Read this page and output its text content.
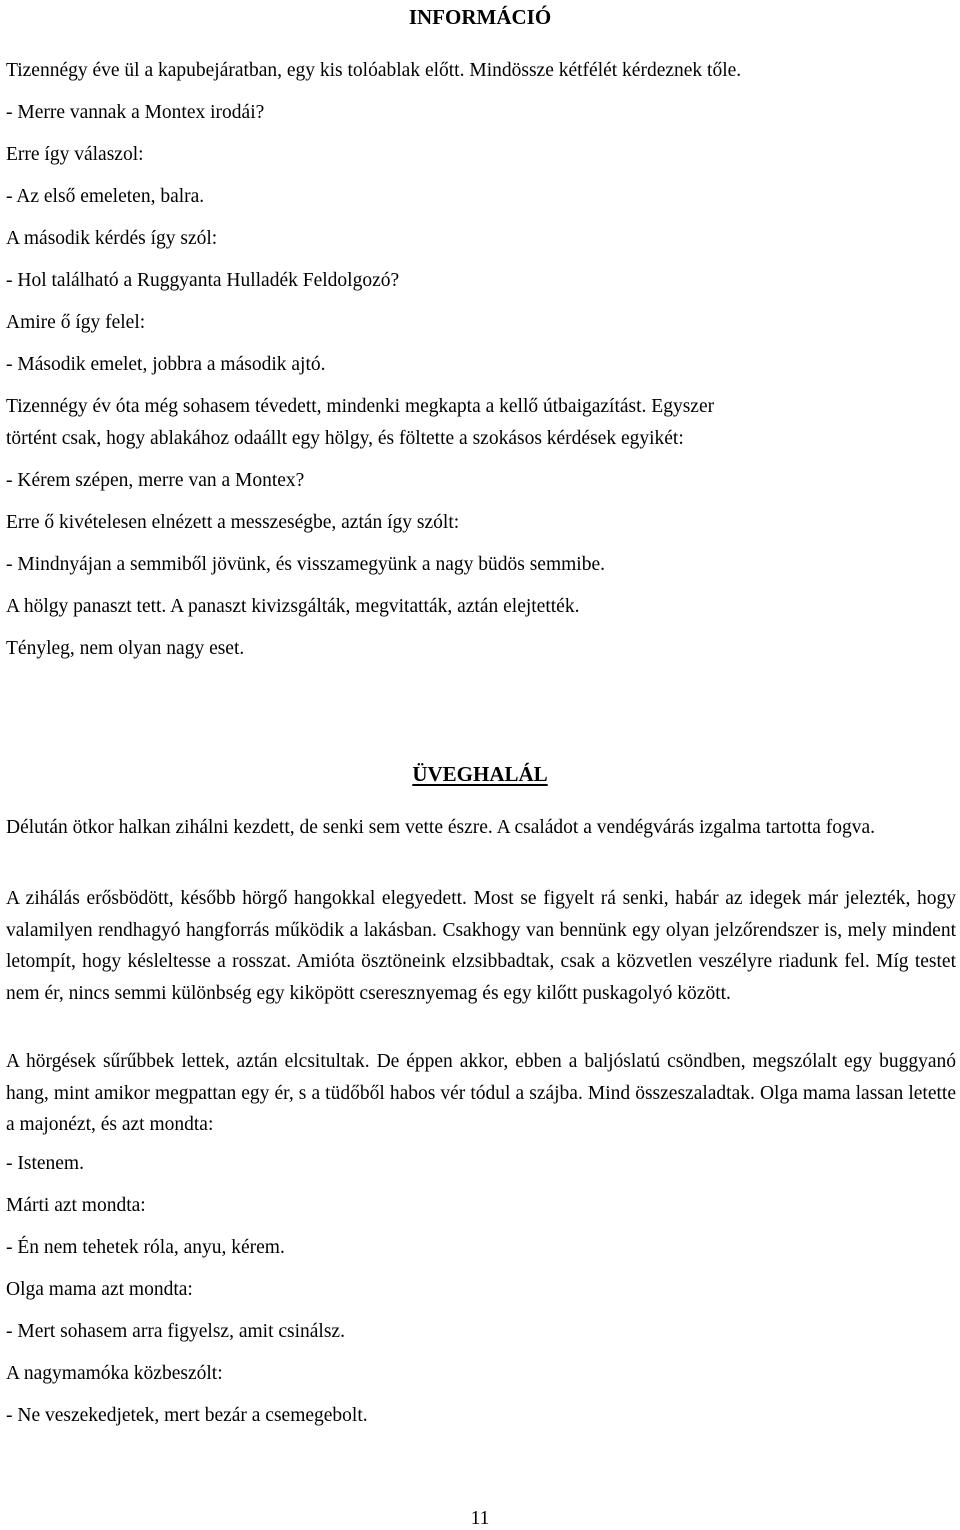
INFORMÁCIÓ

Tizennégy éve ül a kapubejáratban, egy kis tolóablak előtt. Mindössze kétfélét kérdeznek tőle.

- Merre vannak a Montex irodái?

Erre így válaszol:

- Az első emeleten, balra.

A második kérdés így szól:

- Hol található a Ruggyanta Hulladék Feldolgozó?

Amire ő így felel:

- Második emelet, jobbra a második ajtó.

Tizennégy év óta még sohasem tévedett, mindenki megkapta a kellő útbaigazítást. Egyszer

történt csak, hogy ablakához odaállt egy hölgy, és föltette a szokásos kérdések egyikét:

- Kérem szépen, merre van a Montex?

Erre ő kivételesen elnézett a messzeségbe, aztán így szólt:

- Mindnyájan a semmiből jövünk, és visszamegyünk a nagy büdös semmibe.

A hölgy panaszt tett. A panaszt kivizsgálták, megvitatták, aztán elejtették.

Tényleg, nem olyan nagy eset.

ÜVEGHALÁL

Délután ötkor halkan zihálni kezdett, de senki sem vette észre. A családot a vendégvárás izgalma tartotta fogva.

A zihálás erősbödött, később hörgő hangokkal elegyedett. Most se figyelt rá senki, habár az idegek már jelezték, hogy valamilyen rendhagyó hangforrás működik a lakásban. Csakhogy van bennünk egy olyan jelzőrendszer is, mely mindent letompít, hogy késleltesse a rosszat. Amióta ösztöneink elzsibbadtak, csak a közvetlen veszélyre riadunk fel. Míg testet nem ér, nincs semmi különbség egy kiköpött cseresznyemag és egy kilőtt puskagolyó között.

A hörgések sűrűbbek lettek, aztán elcsitultak. De éppen akkor, ebben a baljóslatú csöndben, megszólalt egy buggyanó hang, mint amikor megpattan egy ér, s a tüdőből habos vér tódul a szájba. Mind összeszaladtak. Olga mama lassan letette a majonézt, és azt mondta:

- Istenem.

Márti azt mondta:

- Én nem tehetek róla, anyu, kérem.

Olga mama azt mondta:

- Mert sohasem arra figyelsz, amit csinálsz.

A nagymamóka közbeszólt:

- Ne veszekedjetek, mert bezár a csemegebolt.

11
